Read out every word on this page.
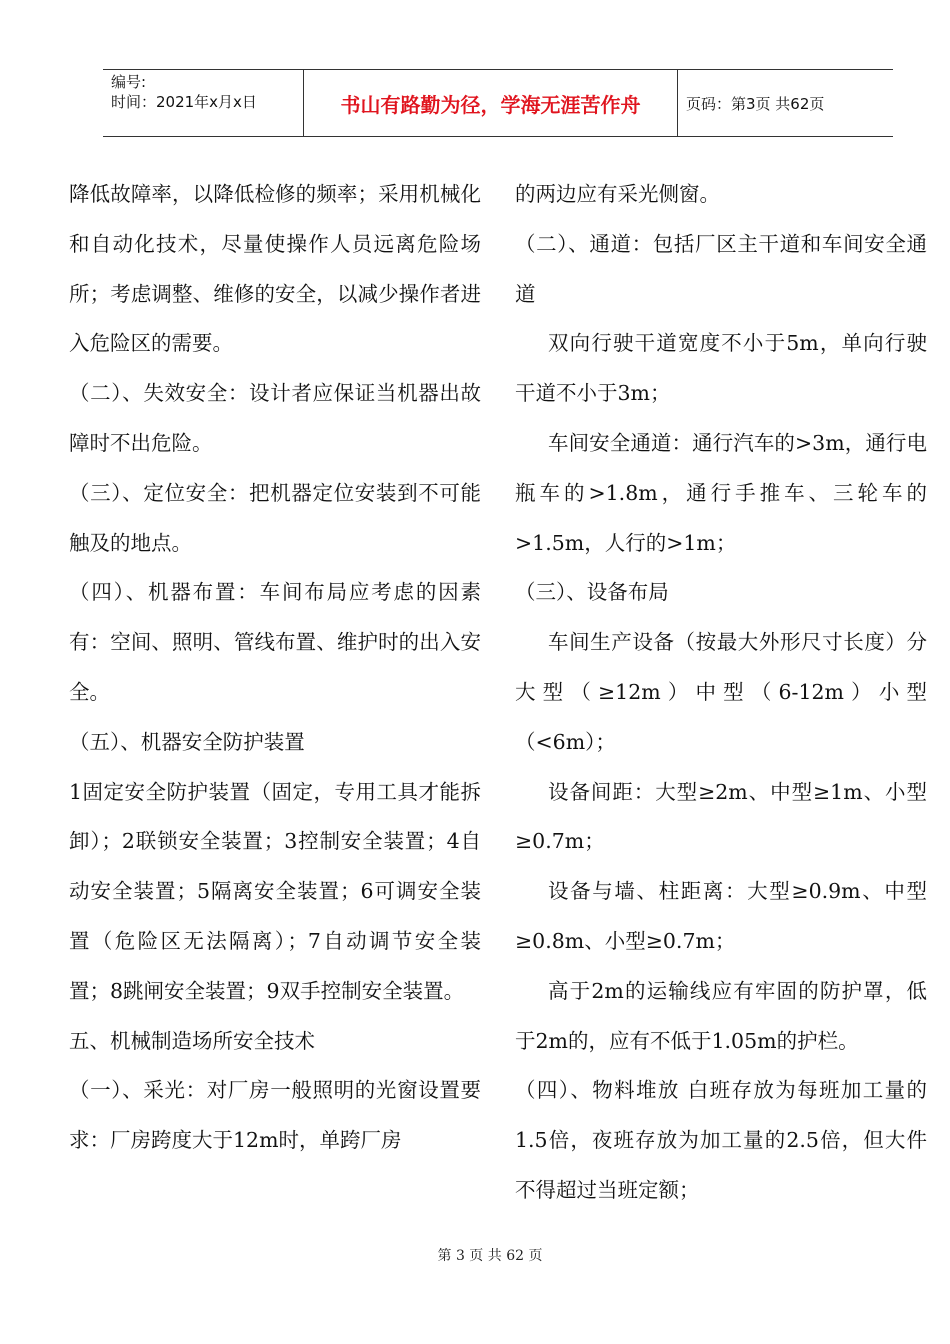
编号:
时间：2021年x月x日	书山有路勤为径，学海无涯苦作舟	页码：第3页 共62页

降低故障率，以降低检修的频率；采用机械化和自动化技术，尽量使操作人员远离危险场所；考虑调整、维修的安全，以减少操作者进入危险区的需要。

（二）、失效安全：设计者应保证当机器出故障时不出危险。

（三）、定位安全：把机器定位安装到不可能触及的地点。

（四）、机器布置：车间布局应考虑的因素有：空间、照明、管线布置、维护时的出入安全。

（五）、机器安全防护装置

1固定安全防护装置（固定，专用工具才能拆卸）；2联锁安全装置；3控制安全装置；4自动安全装置；5隔离安全装置；6可调安全装置（危险区无法隔离）；7自动调节安全装置；8跳闸安全装置；9双手控制安全装置。

五、机械制造场所安全技术

（一）、采光：对厂房一般照明的光窗设置要求：厂房跨度大于12m时，单跨厂房

的两边应有采光侧窗。

（二）、通道：包括厂区主干道和车间安全通道

双向行驶干道宽度不小于5m，单向行驶干道不小于3m；

车间安全通道：通行汽车的>3m，通行电瓶车的>1.8m，通行手推车、三轮车的>1.5m，人行的>1m；

（三）、设备布局

车间生产设备（按最大外形尺寸长度）分大型（≥12m）中型（6-12m）小型（<6m）；

设备间距：大型≥2m、中型≥1m、小型≥0.7m；

设备与墙、柱距离：大型≥0.9m、中型≥0.8m、小型≥0.7m；

高于2m的运输线应有牢固的防护罩，低于2m的，应有不低于1.05m的护栏。

（四）、物料堆放 白班存放为每班加工量的1.5倍，夜班存放为加工量的2.5倍，但大件不得超过当班定额；

第 3 页 共 62 页
